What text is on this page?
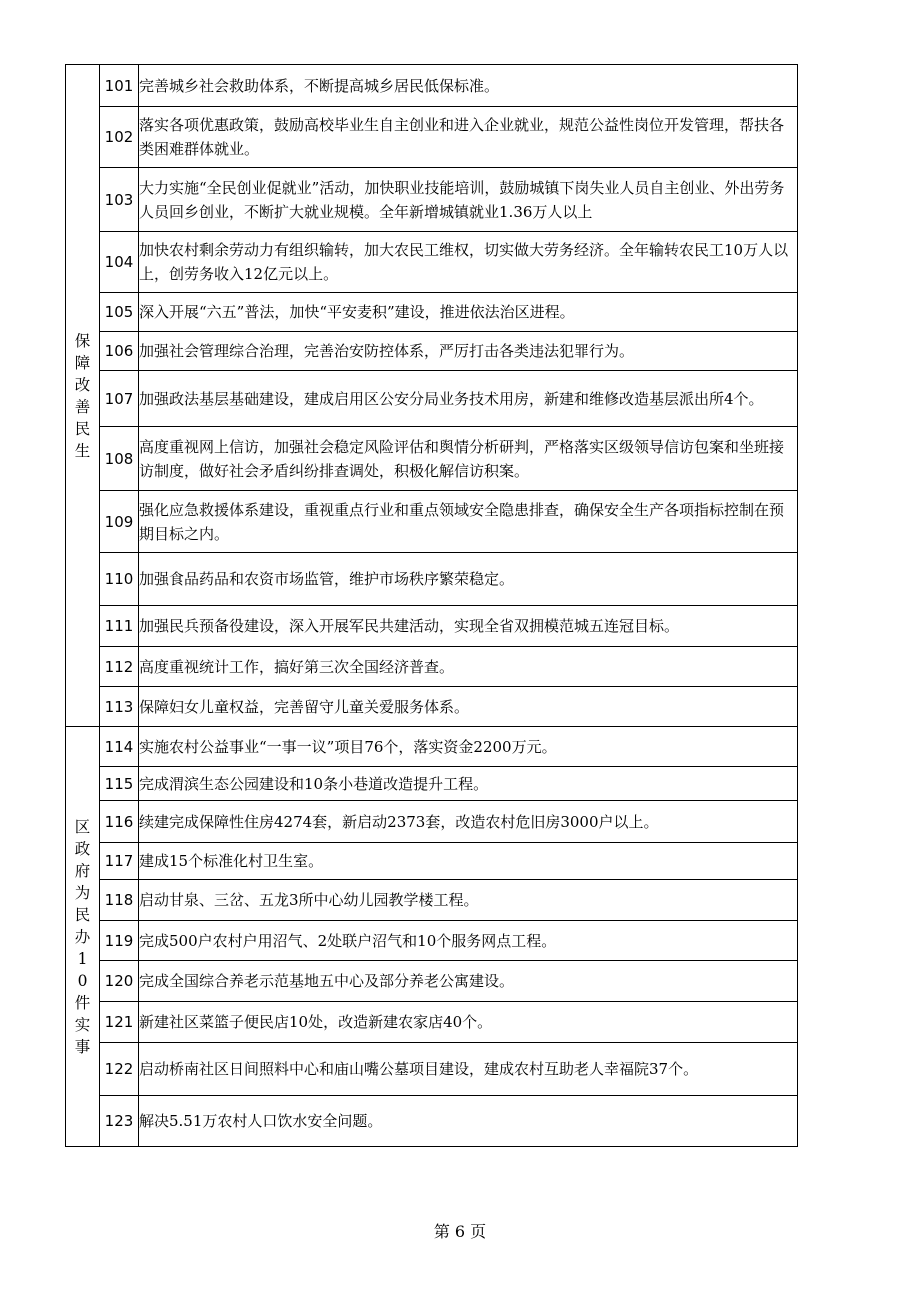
保障改善民生	101	完善城乡社会救助体系，不断提高城乡居民低保标准。
	102	落实各项优惠政策，鼓励高校毕业生自主创业和进入企业就业，规范公益性岗位开发管理，帮扶各类困难群体就业。
	103	大力实施“全民创业促就业”活动，加快职业技能培训，鼓励城镇下岗失业人员自主创业、外出劳务人员回乡创业，不断扩大就业规模。全年新增城镇就业1.36万人以上
	104	加快农村剩余劳动力有组织输转，加大农民工维权，切实做大劳务经济。全年输转农民工10万人以上，创劳务收入12亿元以上。
	105	深入开展“六五”普法，加快“平安麦积”建设，推进依法治区进程。
	106	加强社会管理综合治理，完善治安防控体系，严厉打击各类违法犯罪行为。
	107	加强政法基层基础建设，建成启用区公安分局业务技术用房，新建和维修改造基层派出所4个。
	108	高度重视网上信访，加强社会稳定风险评估和舆情分析研判，严格落实区级领导信访包案和坐班接访制度，做好社会矛盾纠纷排查调处，积极化解信访积案。
	109	强化应急救援体系建设，重视重点行业和重点领域安全隐患排查，确保安全生产各项指标控制在预期目标之内。
	110	加强食品药品和农资市场监管，维护市场秩序繁荣稳定。
	111	加强民兵预备役建设，深入开展军民共建活动，实现全省双拥模范城五连冠目标。
	112	高度重视统计工作，搞好第三次全国经济普查。
	113	保障妇女儿童权益，完善留守儿童关爱服务体系。

区政府为民办10件实事	114	实施农村公益事业“一事一议”项目76个，落实资金2200万元。
	115	完成渭滨生态公园建设和10条小巷道改造提升工程。
	116	续建完成保障性住房4274套，新启动2373套，改造农村危旧房3000户以上。
	117	建成15个标准化村卫生室。
	118	启动甘泉、三岔、五龙3所中心幼儿园教学楼工程。
	119	完成500户农村户用沼气、2处联户沼气和10个服务网点工程。
	120	完成全国综合养老示范基地五中心及部分养老公寓建设。
	121	新建社区菜篮子便民店10处，改造新建农家店40个。
	122	启动桥南社区日间照料中心和庙山嘴公墓项目建设，建成农村互助老人幸福院37个。
	123	解决5.51万农村人口饮水安全问题。
第 6 页
